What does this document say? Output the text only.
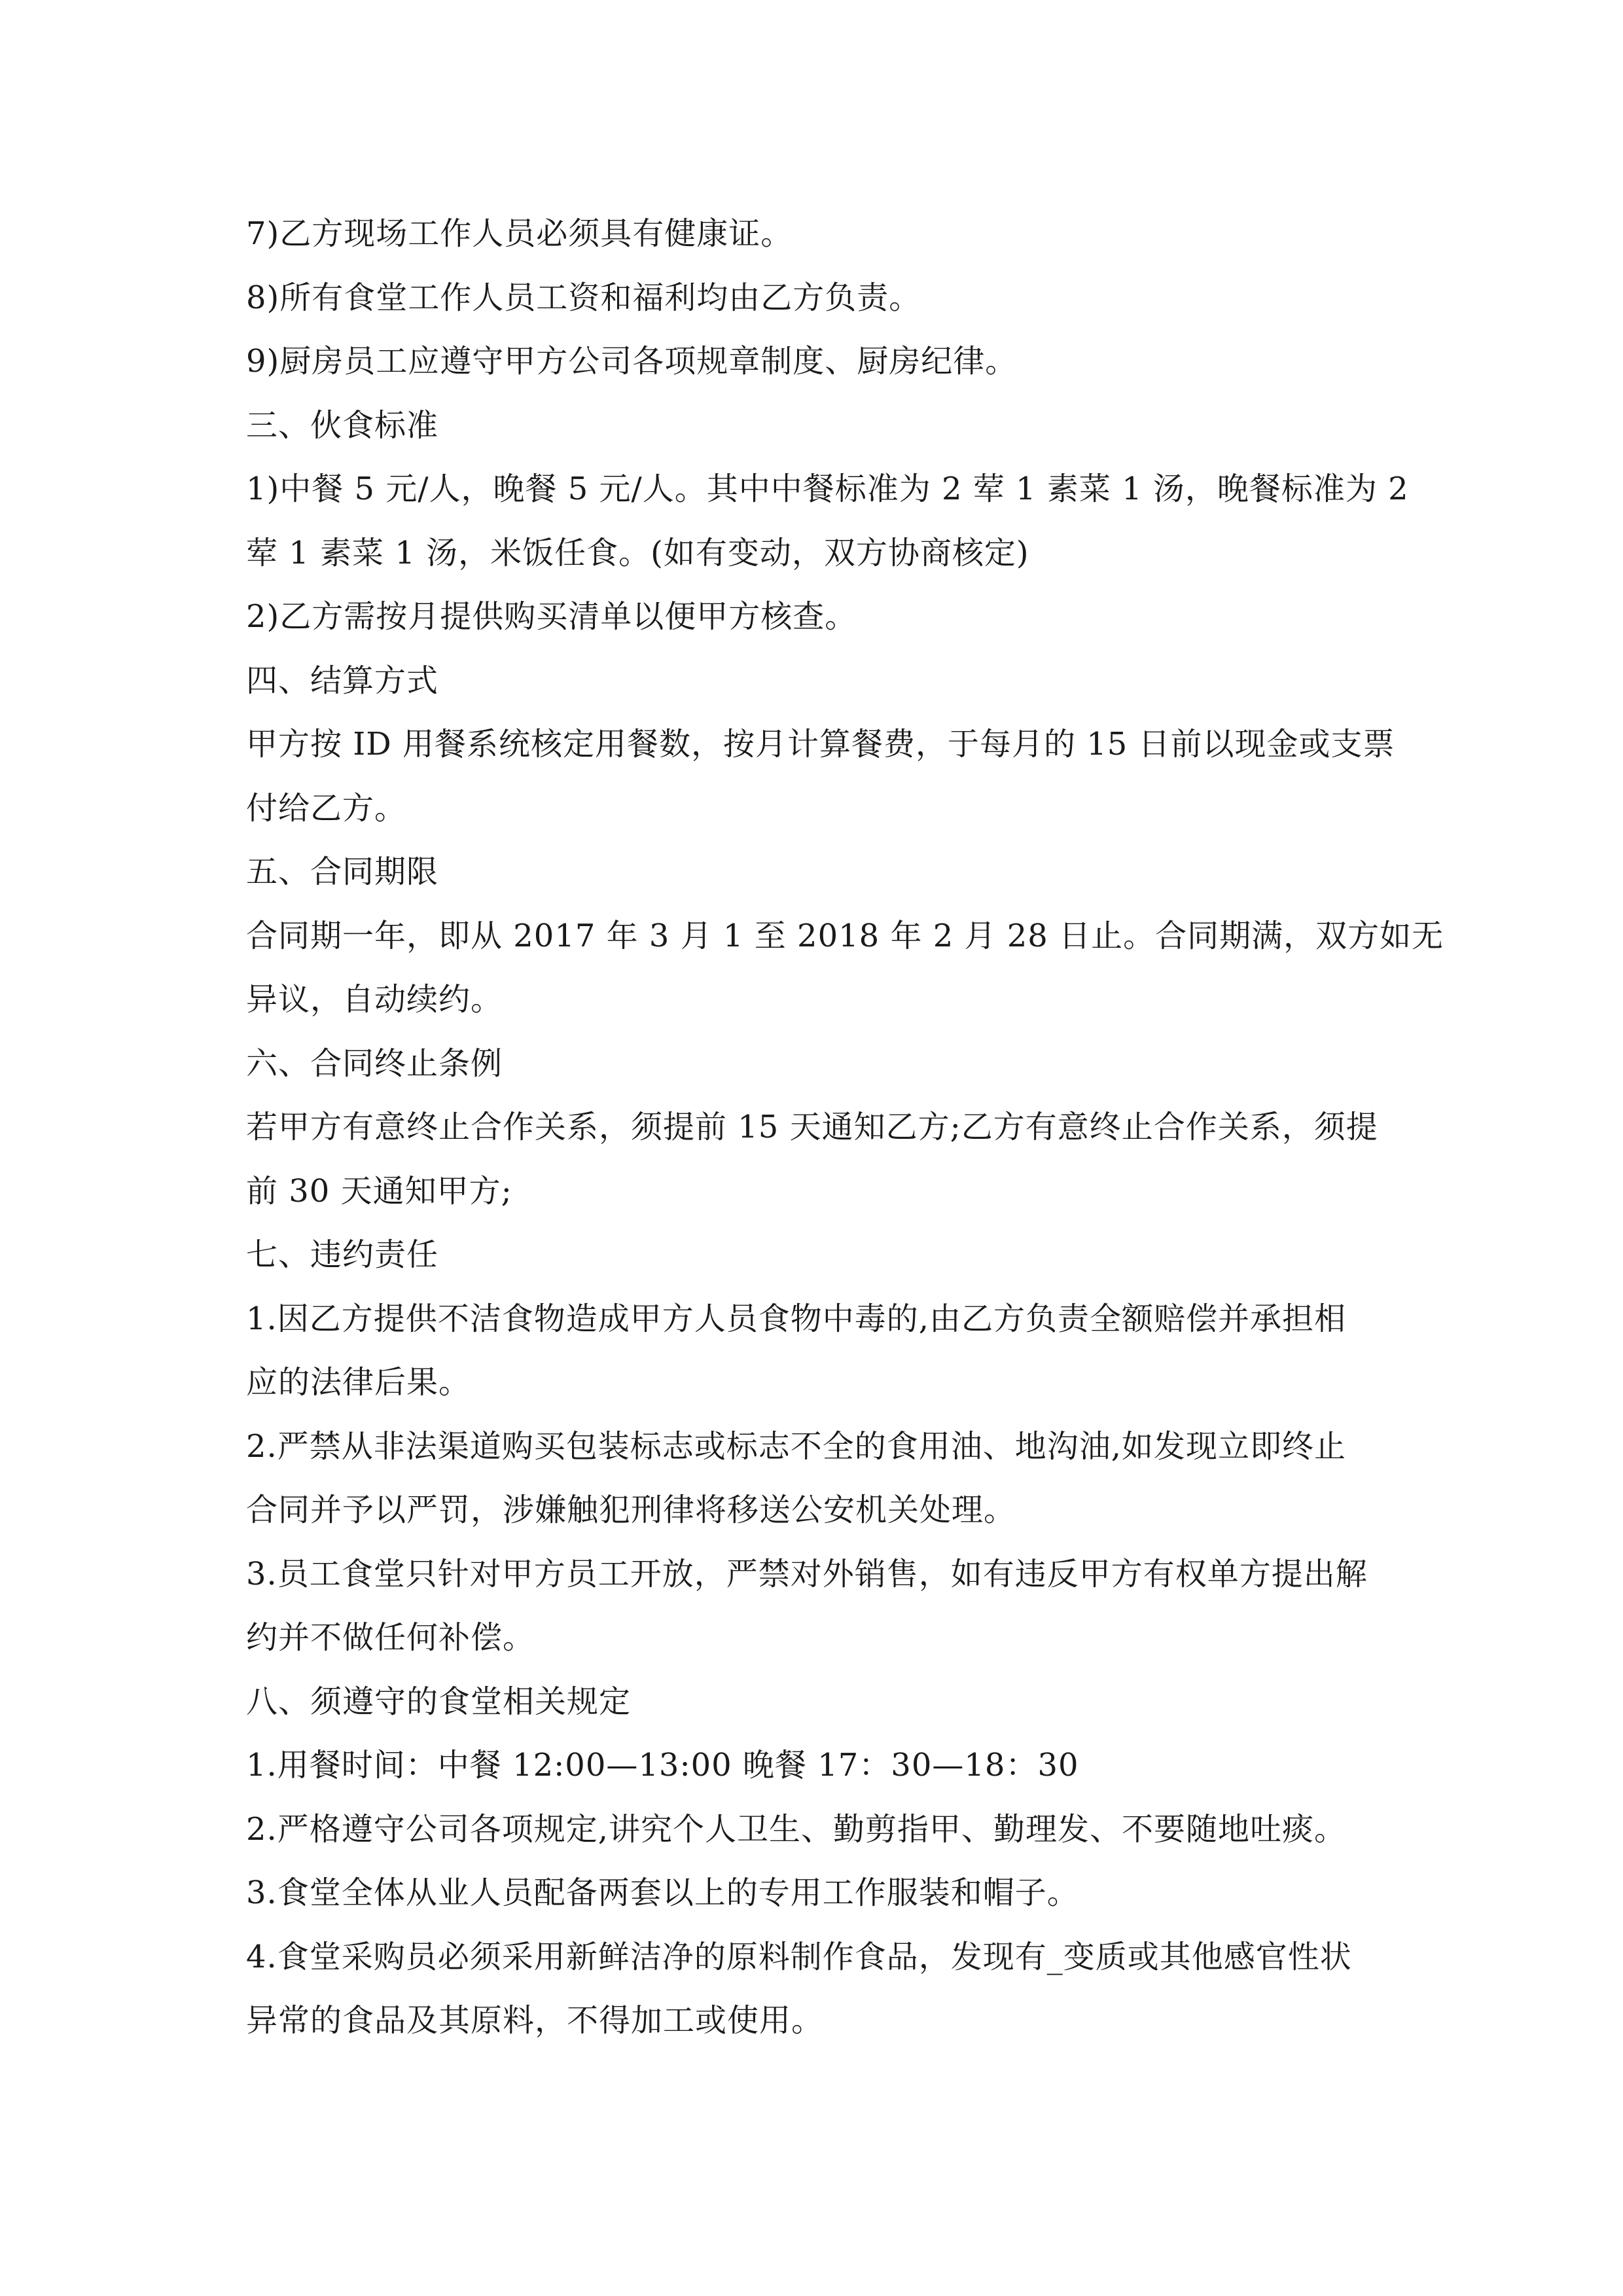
7)乙方现场工作人员必须具有健康证。
8)所有食堂工作人员工资和福利均由乙方负责。
9)厨房员工应遵守甲方公司各项规章制度、厨房纪律。
三、伙食标准
1)中餐 5 元/人，晚餐 5 元/人。其中中餐标准为 2 荤 1 素菜 1 汤，晚餐标准为 2
荤 1 素菜 1 汤，米饭任食。(如有变动，双方协商核定)
2)乙方需按月提供购买清单以便甲方核查。
四、结算方式
甲方按 ID 用餐系统核定用餐数，按月计算餐费，于每月的 15 日前以现金或支票
付给乙方。
五、合同期限
合同期一年，即从 2017 年 3 月 1 至 2018 年 2 月 28 日止。合同期满，双方如无
异议，自动续约。
六、合同终止条例
若甲方有意终止合作关系，须提前 15 天通知乙方;乙方有意终止合作关系，须提
前 30 天通知甲方;
七、违约责任
1.因乙方提供不洁食物造成甲方人员食物中毒的,由乙方负责全额赔偿并承担相
应的法律后果。
2.严禁从非法渠道购买包装标志或标志不全的食用油、地沟油,如发现立即终止
合同并予以严罚，涉嫌触犯刑律将移送公安机关处理。
3.员工食堂只针对甲方员工开放，严禁对外销售，如有违反甲方有权单方提出解
约并不做任何补偿。
八、须遵守的食堂相关规定
1.用餐时间：中餐 12:00—13:00 晚餐 17：30—18：30
2.严格遵守公司各项规定,讲究个人卫生、勤剪指甲、勤理发、不要随地吐痰。
3.食堂全体从业人员配备两套以上的专用工作服装和帽子。
4.食堂采购员必须采用新鲜洁净的原料制作食品，发现有_变质或其他感官性状
异常的食品及其原料，不得加工或使用。
